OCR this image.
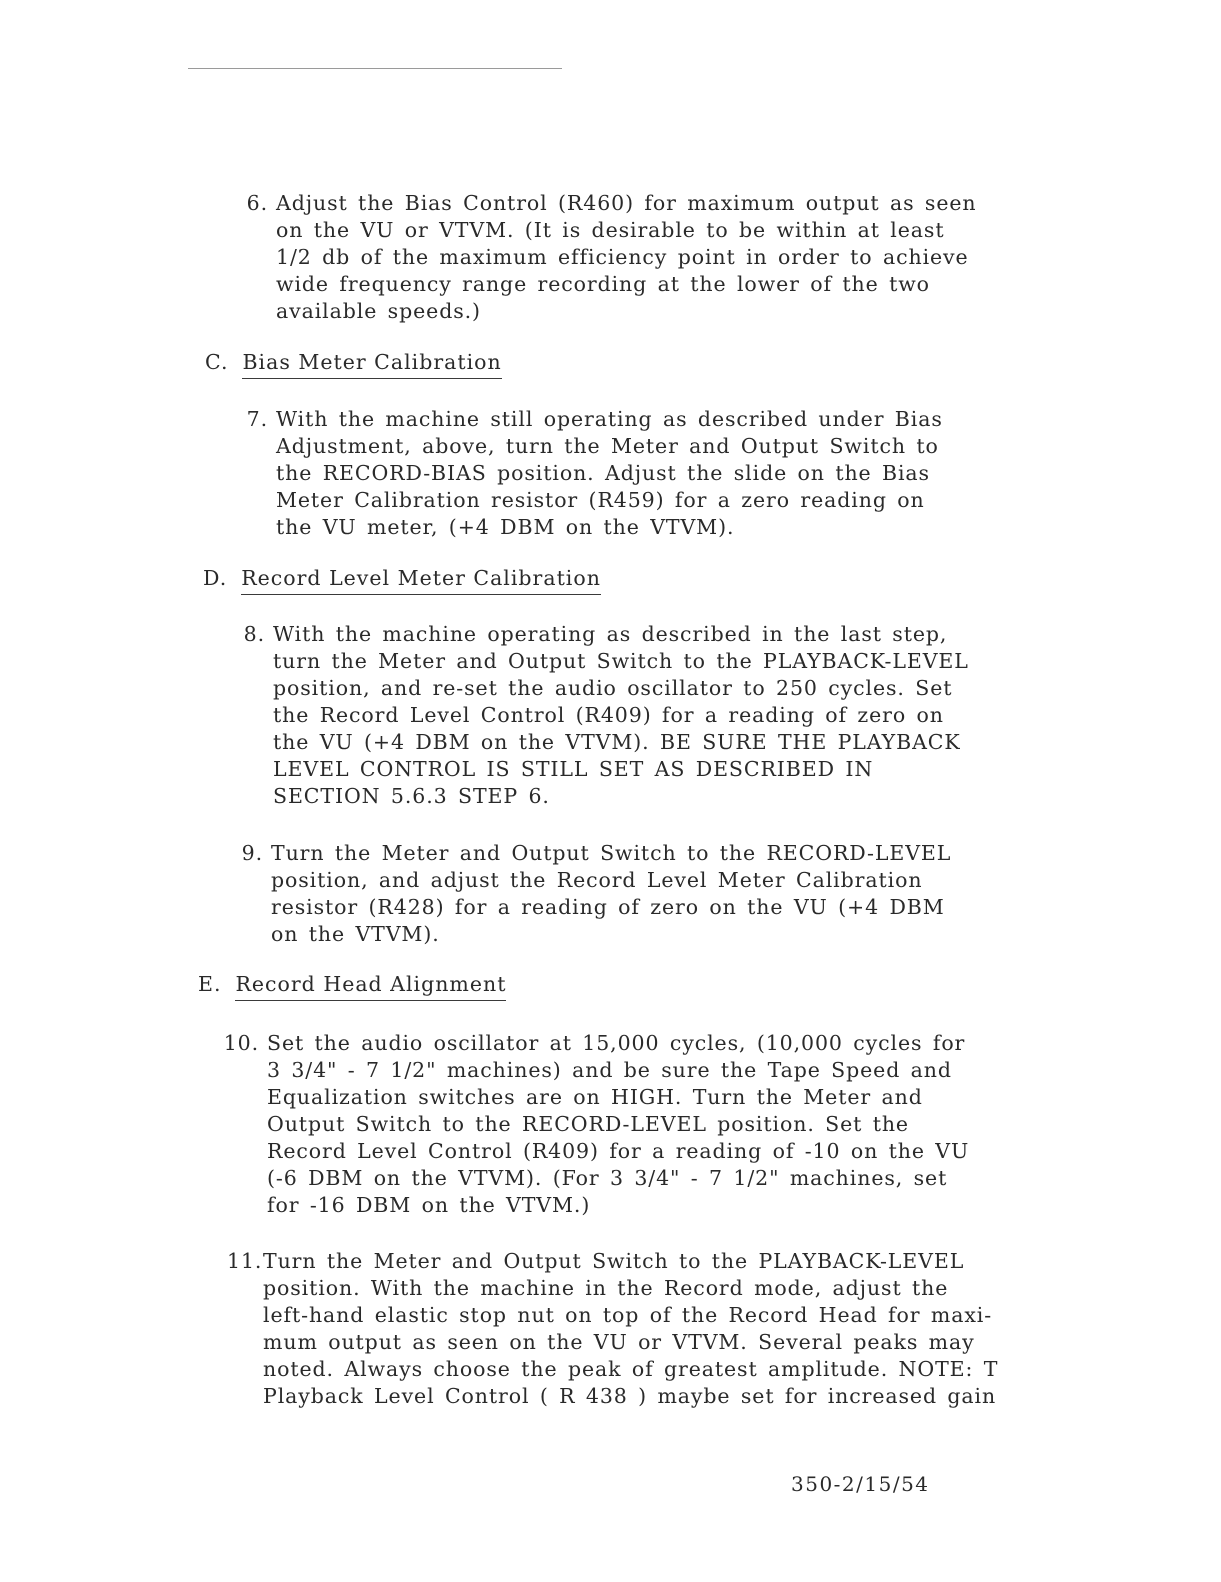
6. Adjust the Bias Control (R460) for maximum output as seen
on the VU or VTVM. (It is desirable to be within at least
1/2 db of the maximum efficiency point in order to achieve
wide frequency range recording at the lower of the two
available speeds.)
C. Bias Meter Calibration
7. With the machine still operating as described under Bias
Adjustment, above, turn the Meter and Output Switch to
the RECORD-BIAS position. Adjust the slide on the Bias
Meter Calibration resistor (R459) for a zero reading on
the VU meter, (+4 DBM on the VTVM).
D. Record Level Meter Calibration
8. With the machine operating as described in the last step,
turn the Meter and Output Switch to the PLAYBACK-LEVEL
position, and re-set the audio oscillator to 250 cycles. Set
the Record Level Control (R409) for a reading of zero on
the VU (+4 DBM on the VTVM). BE SURE THE PLAYBACK
LEVEL CONTROL IS STILL SET AS DESCRIBED IN
SECTION 5.6.3 STEP 6.
9. Turn the Meter and Output Switch to the RECORD-LEVEL
position, and adjust the Record Level Meter Calibration
resistor (R428) for a reading of zero on the VU (+4 DBM
on the VTVM).
E. Record Head Alignment
10. Set the audio oscillator at 15,000 cycles, (10,000 cycles for
3 3/4" - 7 1/2" machines) and be sure the Tape Speed and
Equalization switches are on HIGH. Turn the Meter and
Output Switch to the RECORD-LEVEL position. Set the
Record Level Control (R409) for a reading of -10 on the VU
(-6 DBM on the VTVM). (For 3 3/4" - 7 1/2" machines, set
for -16 DBM on the VTVM.)
11. Turn the Meter and Output Switch to the PLAYBACK-LEVEL
position. With the machine in the Record mode, adjust the
left-hand elastic stop nut on top of the Record Head for maxi-
mum output as seen on the VU or VTVM. Several peaks may
noted. Always choose the peak of greatest amplitude. NOTE: T
Playback Level Control ( R 438 ) maybe set for increased gain
350-2/15/54
